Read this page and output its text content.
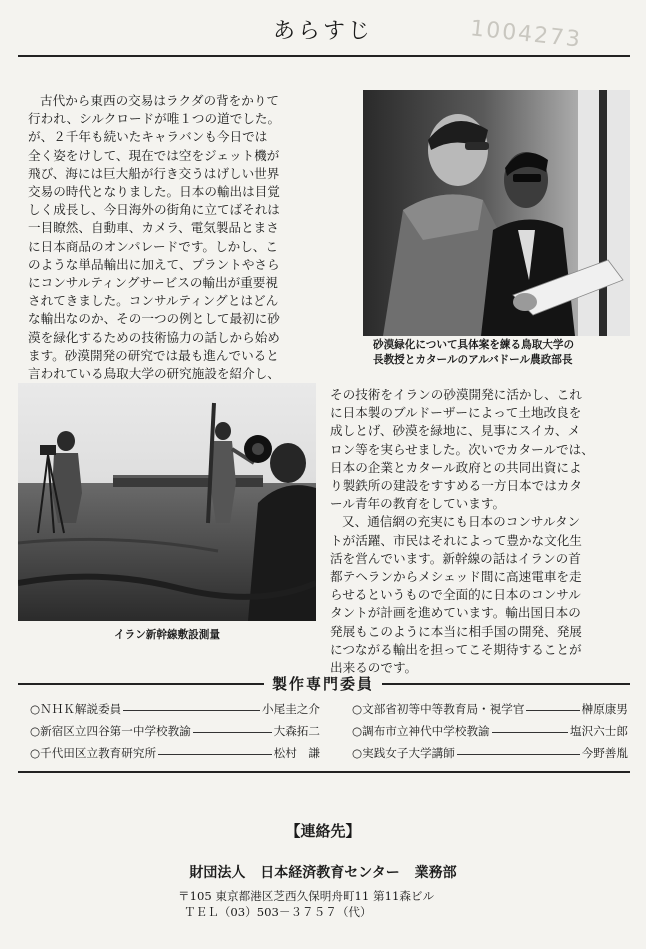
あらすじ	1004273

古代から東西の交易はラクダの背をかりて
行われ、シルクロードが唯１つの道でした。
が、２千年も続いたキャラバンも今日では
全く姿をけして、現在では空をジェット機が
飛び、海には巨大船が行き交うはげしい世界
交易の時代となりました。日本の輸出は目覚
しく成長し、今日海外の街角に立てばそれは
一目瞭然、自動車、カメラ、電気製品とまさ
に日本商品のオンパレードです。しかし、こ
のような単品輸出に加えて、プラントやさら
にコンサルティングサービスの輸出が重要視
されてきました。コンサルティングとはどん
な輸出なのか、その一つの例として最初に砂
漠を緑化するための技術協力の話しから始め
ます。砂漠開発の研究では最も進んでいると
言われている鳥取大学の研究施設を紹介し、

砂漠緑化について具体案を練る鳥取大学の
長教授とカタールのアルバドール農政部長
イラン新幹線敷設測量

その技術をイランの砂漠開発に活かし、これ
に日本製のブルドーザーによって土地改良を
成しとげ、砂漠を緑地に、見事にスイカ、メ
ロン等を実らせました。次いでカタールでは、
日本の企業とカタール政府との共同出資によ
り製鉄所の建設をすすめる一方日本ではカタ
ール青年の教育をしています。

又、通信網の充実にも日本のコンサルタン
トが活躍、市民はそれによって豊かな文化生
活を営んでいます。新幹線の話はイランの首
都テヘランからメシェッド間に高速電車を走
らせるというもので全面的に日本のコンサル
タントが計画を進めています。輸出国日本の
発展もこのように本当に相手国の開発、発展
につながる輸出を担ってこそ期待することが
出来るのです。

製作専門委員
○ＮＨＫ解説委員	小尾圭之介
○新宿区立四谷第一中学校教諭	大森拓二
○千代田区立教育研究所	松村　謙
○文部省初等中等教育局・視学官	榊原康男
○調布市立神代中学校教諭	塩沢六士郎
○実践女子大学講師	今野善胤
【連絡先】
財団法人 日本経済教育センター 業務部
〒105 東京都港区芝西久保明舟町11 第11森ビル
ＴＥＬ（03）503－３７５７（代）
